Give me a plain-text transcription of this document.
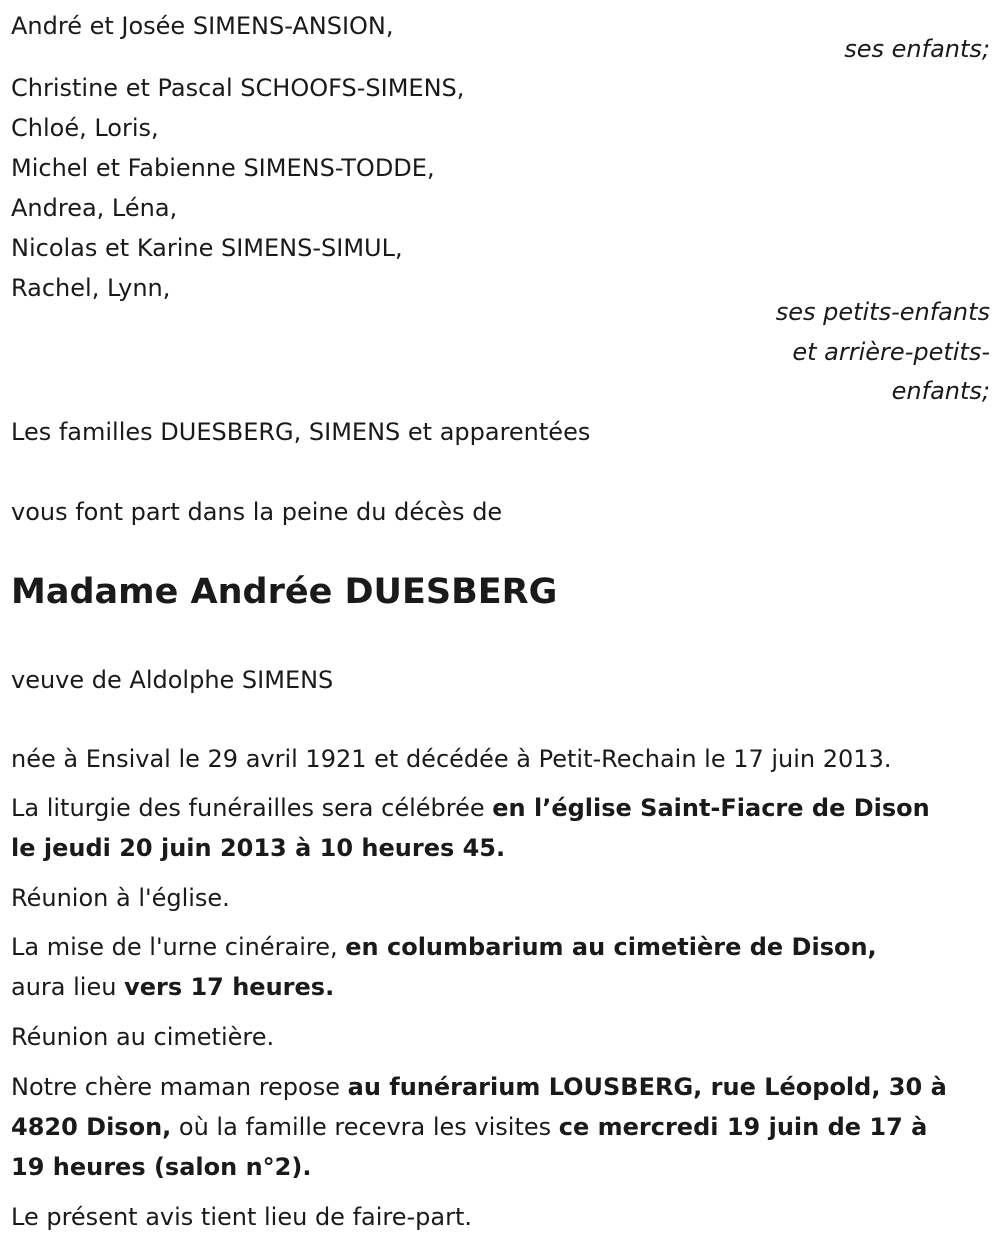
André et Josée SIMENS-ANSION,
ses enfants;
Christine et Pascal SCHOOFS-SIMENS,
Chloé, Loris,
Michel et Fabienne SIMENS-TODDE,
Andrea, Léna,
Nicolas et Karine SIMENS-SIMUL,
Rachel, Lynn,
ses petits-enfants
et arrière-petits-
enfants;
Les familles DUESBERG, SIMENS et apparentées
vous font part dans la peine du décès de
Madame Andrée DUESBERG
veuve de Aldolphe SIMENS
née à Ensival le 29 avril 1921 et décédée à Petit-Rechain le 17 juin 2013.
La liturgie des funérailles sera célébrée en l’église Saint-Fiacre de Dison
le jeudi 20 juin 2013 à 10 heures 45.
Réunion à l'église.
La mise de l'urne cinéraire, en columbarium au cimetière de Dison,
aura lieu vers 17 heures.
Réunion au cimetière.
Notre chère maman repose au funérarium LOUSBERG, rue Léopold, 30 à
4820 Dison, où la famille recevra les visites ce mercredi 19 juin de 17 à
19 heures (salon n°2).
Le présent avis tient lieu de faire-part.
